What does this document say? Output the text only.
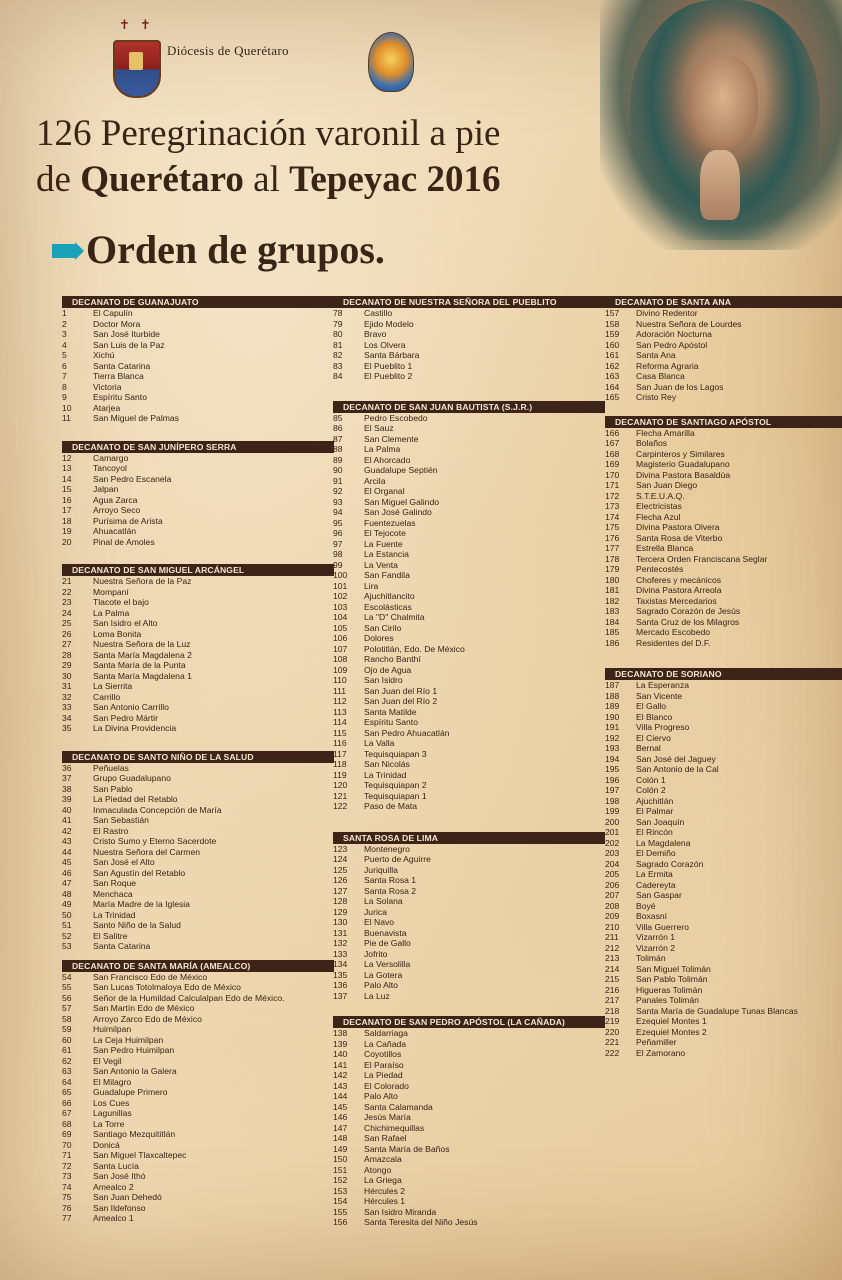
✝✝
Diócesis de Querétaro
126 Peregrinación varonil a pie
de Querétaro al Tepeyac 2016
Orden de grupos.
DECANATO DE GUANAJUATO
1	El Capulín
2	Doctor Mora
3	San José Iturbide
4	San Luis de la Paz
5	Xichú
6	Santa Catarina
7	Tierra Blanca
8	Victoria
9	Espíritu Santo
10	Atarjea
11	San Miguel de Palmas
DECANATO DE SAN JUNÍPERO SERRA
12	Camargo
13	Tancoyol
14	San Pedro Escanela
15	Jalpan
16	Agua Zarca
17	Arroyo Seco
18	Purísima de Arista
19	Ahuacatlán
20	Pinal de Amoles
DECANATO DE SAN MIGUEL ARCÁNGEL
21	Nuestra Señora de la Paz
22	Mompaní
23	Tlacote el bajo
24	La Palma
25	San Isidro el Alto
26	Loma Bonita
27	Nuestra Señora de la Luz
28	Santa María Magdalena 2
29	Santa María de la Punta
30	Santa María Magdalena 1
31	La Sierrita
32	Carrillo
33	San Antonio Carrillo
34	San Pedro Mártir
35	La Divina Providencia
DECANATO DE SANTO NIÑO DE LA SALUD
36	Peñuelas
37	Grupo Guadalupano
38	San Pablo
39	La Piedad del Retablo
40	Inmaculada Concepción de María
41	San Sebastián
42	El Rastro
43	Cristo Sumo y Eterno Sacerdote
44	Nuestra Señora del Carmen
45	San José el Alto
46	San Agustín del Retablo
47	San Roque
48	Menchaca
49	María Madre de la Iglesia
50	La Trinidad
51	Santo Niño de la Salud
52	El Salitre
53	Santa Catarina
DECANATO DE SANTA MARÍA (AMEALCO)
54	San Francisco Edo de México
55	San Lucas Totolmaloya Edo de México
56	Señor de la Humildad Calculalpan Edo de México.
57	San Martín Edo de México
58	Arroyo Zarco Edo de México
59	Huimilpan
60	La Ceja Huimilpan
61	San Pedro Huimilpan
62	El Vegil
63	San Antonio la Galera
64	El Milagro
65	Guadalupe Primero
66	Los Cues
67	Lagunillas
68	La Torre
69	Santiago Mezquititlán
70	Donicá
71	San Miguel Tlaxcaltepec
72	Santa Lucía
73	San José Ithó
74	Amealco 2
75	San Juan Dehedó
76	San Ildefonso
77	Amealco 1
DECANATO DE NUESTRA SEÑORA DEL PUEBLITO
78	Castillo
79	Ejido Modelo
80	Bravo
81	Los Olvera
82	Santa Bárbara
83	El Pueblito 1
84	El Pueblito 2
DECANATO DE SAN JUAN BAUTISTA (S.J.R.)
85	Pedro Escobedo
86	El Sauz
87	San Clemente
88	La Palma
89	El Ahorcado
90	Guadalupe Septién
91	Arcila
92	El Organal
93	San Miguel Galindo
94	San José Galindo
95	Fuentezuelas
96	El Tejocote
97	La Fuente
98	La Estancia
99	La Venta
100	San Fandila
101	Lira
102	Ajuchitlancito
103	Escolásticas
104	La "D" Chalmita
105	San Cirilo
106	Dolores
107	Polotitlán, Edo. De México
108	Rancho Banthí
109	Ojo de Agua
110	San Isidro
111	San Juan del Río 1
112	San Juan del Río 2
113	Santa Matilde
114	Espíritu Santo
115	San Pedro Ahuacatlán
116	La Valla
117	Tequisquiapan 3
118	San Nicolás
119	La Trinidad
120	Tequisquiapan 2
121	Tequisquiapan 1
122	Paso de Mata
SANTA ROSA DE LIMA
123	Montenegro
124	Puerto de Aguirre
125	Juriquilla
126	Santa Rosa 1
127	Santa Rosa 2
128	La Solana
129	Jurica
130	El Navo
131	Buenavista
132	Pie de Gallo
133	Jofrito
134	La Versolilla
135	La Gotera
136	Palo Alto
137	La Luz
DECANATO DE SAN PEDRO APÓSTOL (LA CAÑADA)
138	Saldarriaga
139	La Cañada
140	Coyotillos
141	El Paraíso
142	La Piedad
143	El Colorado
144	Palo Alto
145	Santa Calamanda
146	Jesús María
147	Chichimequillas
148	San Rafael
149	Santa María de Baños
150	Amazcala
151	Atongo
152	La Griega
153	Hércules 2
154	Hércules 1
155	San Isidro Miranda
156	Santa Teresita del Niño Jesús
DECANATO DE SANTA ANA
157	Divino Redentor
158	Nuestra Señora de Lourdes
159	Adoración Nocturna
160	San Pedro Apóstol
161	Santa Ana
162	Reforma Agraria
163	Casa Blanca
164	San Juan de los Lagos
165	Cristo Rey
DECANATO DE SANTIAGO APÓSTOL
166	Flecha Amarilla
167	Bolaños
168	Carpinteros y Similares
169	Magisterio Guadalupano
170	Divina Pastora Basaldúa
171	San Juan Diego
172	S.T.E.U.A.Q.
173	Electricistas
174	Flecha Azul
175	Divina Pastora Olvera
176	Santa Rosa de Viterbo
177	Estrella Blanca
178	Tercera Orden Franciscana Seglar
179	Pentecostés
180	Choferes y mecánicos
181	Divina Pastora Arreola
182	Taxistas Mercedarios
183	Sagrado Corazón de Jesús
184	Santa Cruz de los Milagros
185	Mercado Escobedo
186	Residentes del D.F.
DECANATO DE SORIANO
187	La Esperanza
188	San Vicente
189	El Gallo
190	El Blanco
191	Villa Progreso
192	El Ciervo
193	Bernal
194	San José del Jaguey
195	San Antonio de la Cal
196	Colón 1
197	Colón 2
198	Ajuchitlán
199	El Palmar
200	San Joaquín
201	El Rincón
202	La Magdalena
203	El Demiño
204	Sagrado Corazón
205	La Ermita
206	Cadereyta
207	San Gaspar
208	Boyé
209	Boxasní
210	Villa Guerrero
211	Vizarrón 1
212	Vizarrón 2
213	Tolimán
214	San Miguel Tolimán
215	San Pablo Tolimán
216	Higueras Tolimán
217	Panales Tolimán
218	Santa María de Guadalupe Tunas Blancas
219	Ezequiel Montes 1
220	Ezequiel Montes 2
221	Peñamiller
222	El Zamorano
